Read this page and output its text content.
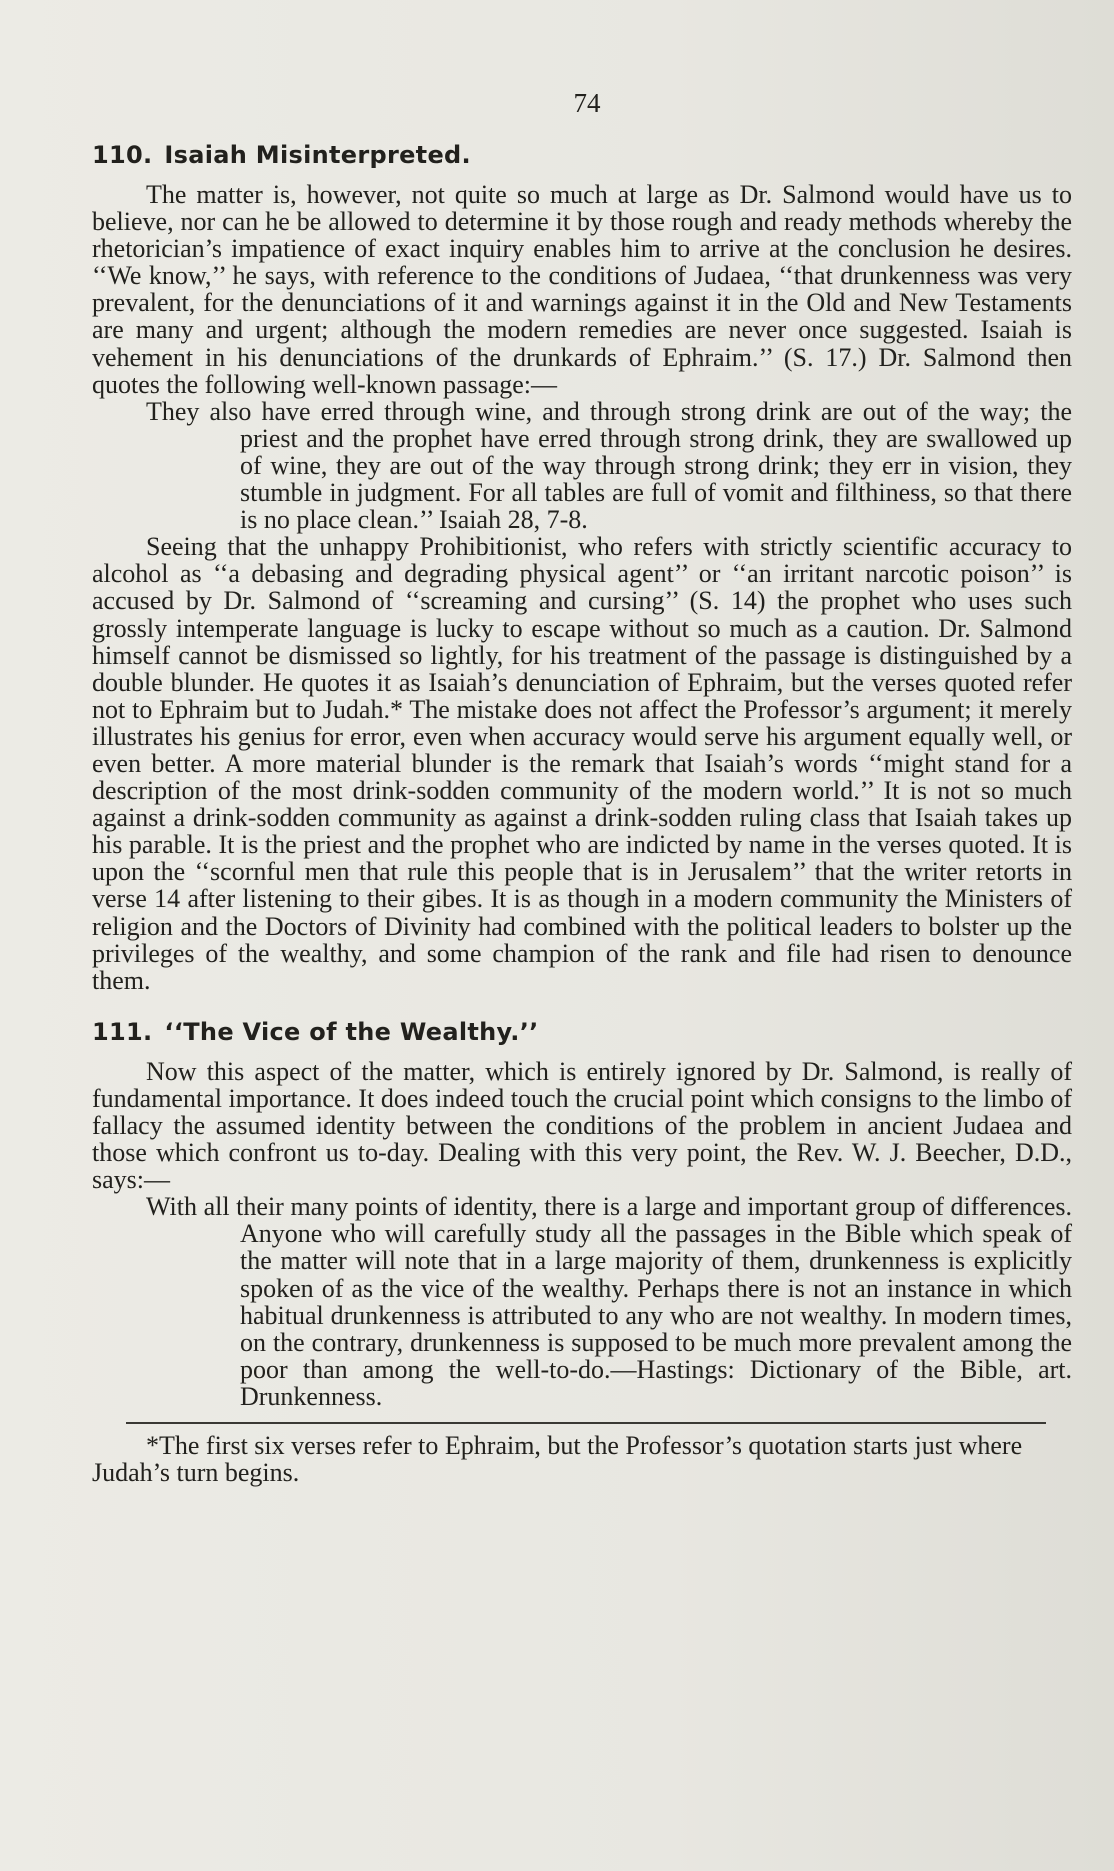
74
110. Isaiah Misinterpreted.

The matter is, however, not quite so much at large as Dr. Salmond would have us to believe, nor can he be allowed to determine it by those rough and ready methods whereby the rhetorician’s impatience of exact inquiry enables him to arrive at the conclusion he desires. ‘‘We know,’’ he says, with reference to the conditions of Judaea, ‘‘that drunkenness was very prevalent, for the denunciations of it and warnings against it in the Old and New Testaments are many and urgent; although the modern remedies are never once suggested. Isaiah is vehement in his denunciations of the drunkards of Ephraim.’’ (S. 17.) Dr. Salmond then quotes the following well-known passage:—

They also have erred through wine, and through strong drink are out of the way; the priest and the prophet have erred through strong drink, they are swallowed up of wine, they are out of the way through strong drink; they err in vision, they stumble in judgment. For all tables are full of vomit and filthiness, so that there is no place clean.’’ Isaiah 28, 7-8.

Seeing that the unhappy Prohibitionist, who refers with strictly scientific accuracy to alcohol as ‘‘a debasing and degrading physical agent’’ or ‘‘an irritant narcotic poison’’ is accused by Dr. Salmond of ‘‘screaming and cursing’’ (S. 14) the prophet who uses such grossly intemperate language is lucky to escape without so much as a caution. Dr. Salmond himself cannot be dismissed so lightly, for his treatment of the passage is distinguished by a double blunder. He quotes it as Isaiah’s denunciation of Ephraim, but the verses quoted refer not to Ephraim but to Judah.* The mistake does not affect the Professor’s argument; it merely illustrates his genius for error, even when accuracy would serve his argument equally well, or even better. A more material blunder is the remark that Isaiah’s words ‘‘might stand for a description of the most drink-sodden community of the modern world.’’ It is not so much against a drink-sodden community as against a drink-sodden ruling class that Isaiah takes up his parable. It is the priest and the prophet who are indicted by name in the verses quoted. It is upon the ‘‘scornful men that rule this people that is in Jerusalem’’ that the writer retorts in verse 14 after listening to their gibes. It is as though in a modern community the Ministers of religion and the Doctors of Divinity had combined with the political leaders to bolster up the privileges of the wealthy, and some champion of the rank and file had risen to denounce them.

111. ‘‘The Vice of the Wealthy.’’

Now this aspect of the matter, which is entirely ignored by Dr. Salmond, is really of fundamental importance. It does indeed touch the crucial point which consigns to the limbo of fallacy the assumed identity between the conditions of the problem in ancient Judaea and those which confront us to-day. Dealing with this very point, the Rev. W. J. Beecher, D.D., says:—

With all their many points of identity, there is a large and important group of differences. Anyone who will carefully study all the passages in the Bible which speak of the matter will note that in a large majority of them, drunkenness is explicitly spoken of as the vice of the wealthy. Perhaps there is not an instance in which habitual drunkenness is attributed to any who are not wealthy. In modern times, on the contrary, drunkenness is supposed to be much more prevalent among the poor than among the well-to-do.—Hastings: Dictionary of the Bible, art. Drunkenness.

*The first six verses refer to Ephraim, but the Professor’s quotation starts just where Judah’s turn begins.
